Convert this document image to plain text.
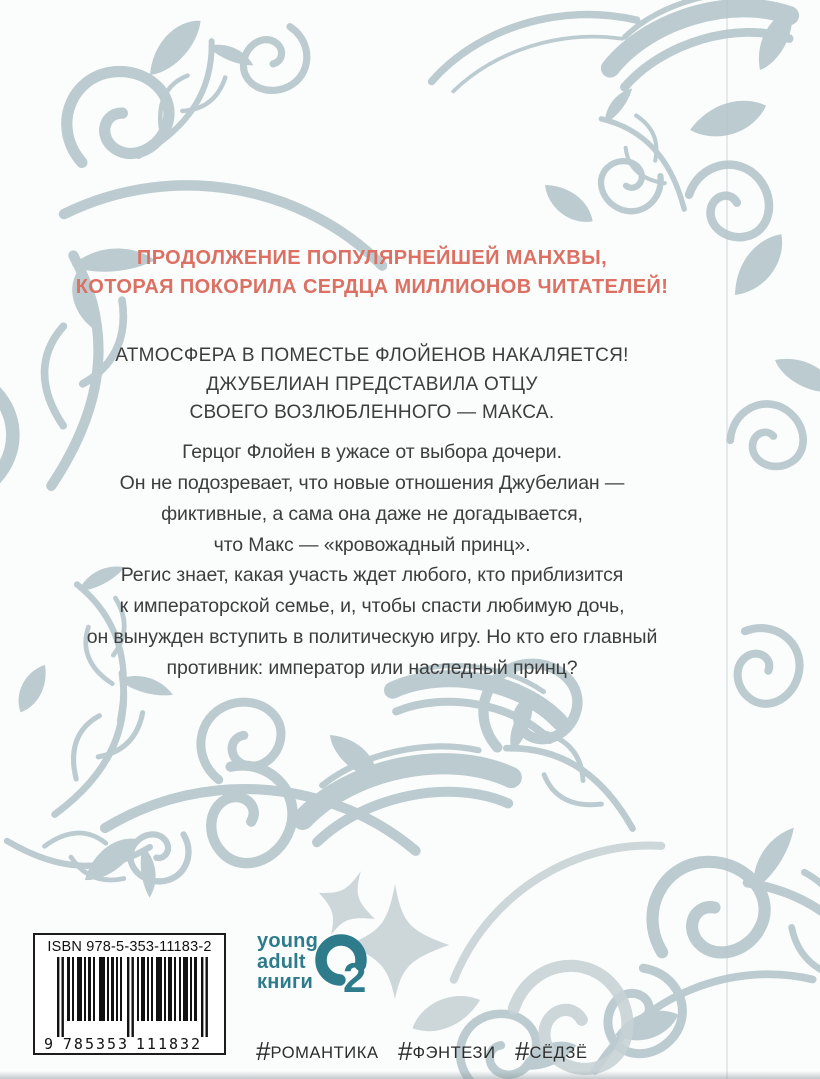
ПРОДОЛЖЕНИЕ ПОПУЛЯРНЕЙШЕЙ МАНХВЫ,
КОТОРАЯ ПОКОРИЛА СЕРДЦА МИЛЛИОНОВ ЧИТАТЕЛЕЙ!
АТМОСФЕРА В ПОМЕСТЬЕ ФЛОЙЕНОВ НАКАЛЯЕТСЯ!
ДЖУБЕЛИАН ПРЕДСТАВИЛА ОТЦУ
СВОЕГО ВОЗЛЮБЛЕННОГО — МАКСА.
Герцог Флойен в ужасе от выбора дочери.
Он не подозревает, что новые отношения Джубелиан —
фиктивные, а сама она даже не догадывается,
что Макс — «кровожадный принц».
Регис знает, какая участь ждет любого, кто приблизится
к императорской семье, и, чтобы спасти любимую дочь,
он вынужден вступить в политическую игру. Но кто его главный
противник: император или наследный принц?
ISBN 978-5-353-11183-2
9 785353 111832
young
adult
книги 2
#РОМАНТИКА #ФЭНТЕЗИ #СЁДЗЁ
